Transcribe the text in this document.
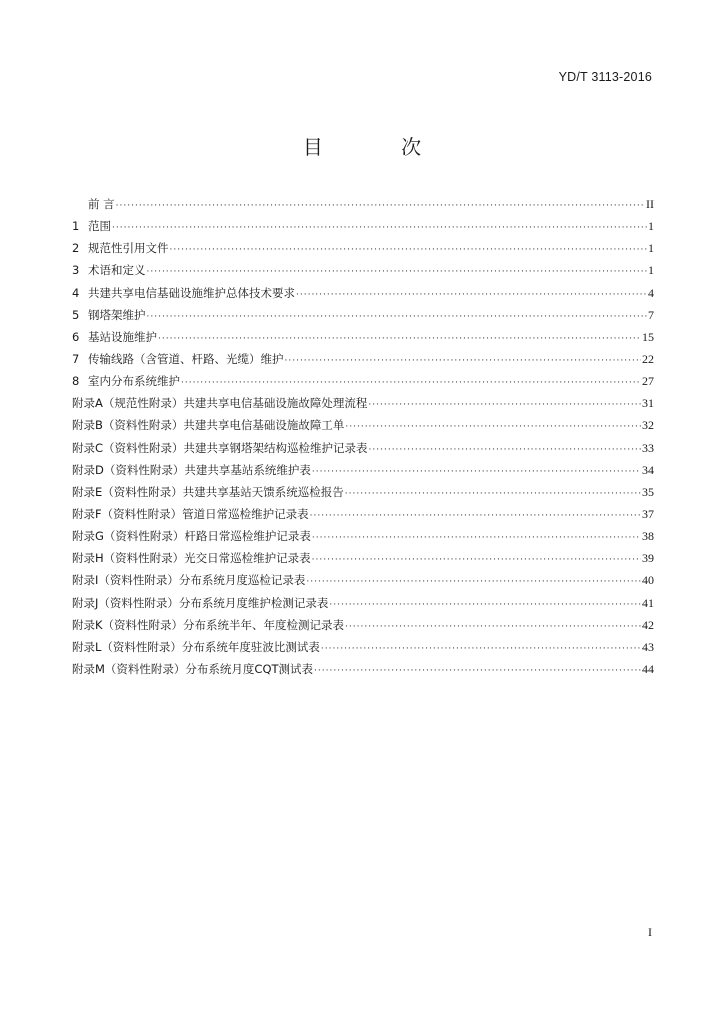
YD/T 3113-2016
目 次
前 言 ·····	II
1 范围 ·····	1
2 规范性引用文件 ·····	1
3 术语和定义 ·····	1
4 共建共享电信基础设施维护总体技术要求 ·····	4
5 钢塔架维护 ·····	7
6 基站设施维护 ·····	15
7 传输线路（含管道、杆路、光缆）维护 ·····	22
8 室内分布系统维护 ·····	27
附录A（规范性附录）共建共享电信基础设施故障处理流程 ·····	31
附录B（资料性附录）共建共享电信基础设施故障工单 ·····	32
附录C（资料性附录）共建共享钢塔架结构巡检维护记录表 ·····	33
附录D（资料性附录）共建共享基站系统维护表 ·····	34
附录E（资料性附录）共建共享基站天馈系统巡检报告 ·····	35
附录F（资料性附录）管道日常巡检维护记录表 ·····	37
附录G（资料性附录）杆路日常巡检维护记录表 ·····	38
附录H（资料性附录）光交日常巡检维护记录表 ·····	39
附录I（资料性附录）分布系统月度巡检记录表 ·····	40
附录J（资料性附录）分布系统月度维护检测记录表 ·····	41
附录K（资料性附录）分布系统半年、年度检测记录表 ·····	42
附录L（资料性附录）分布系统年度驻波比测试表 ·····	43
附录M（资料性附录）分布系统月度CQT测试表 ·····	44
I
